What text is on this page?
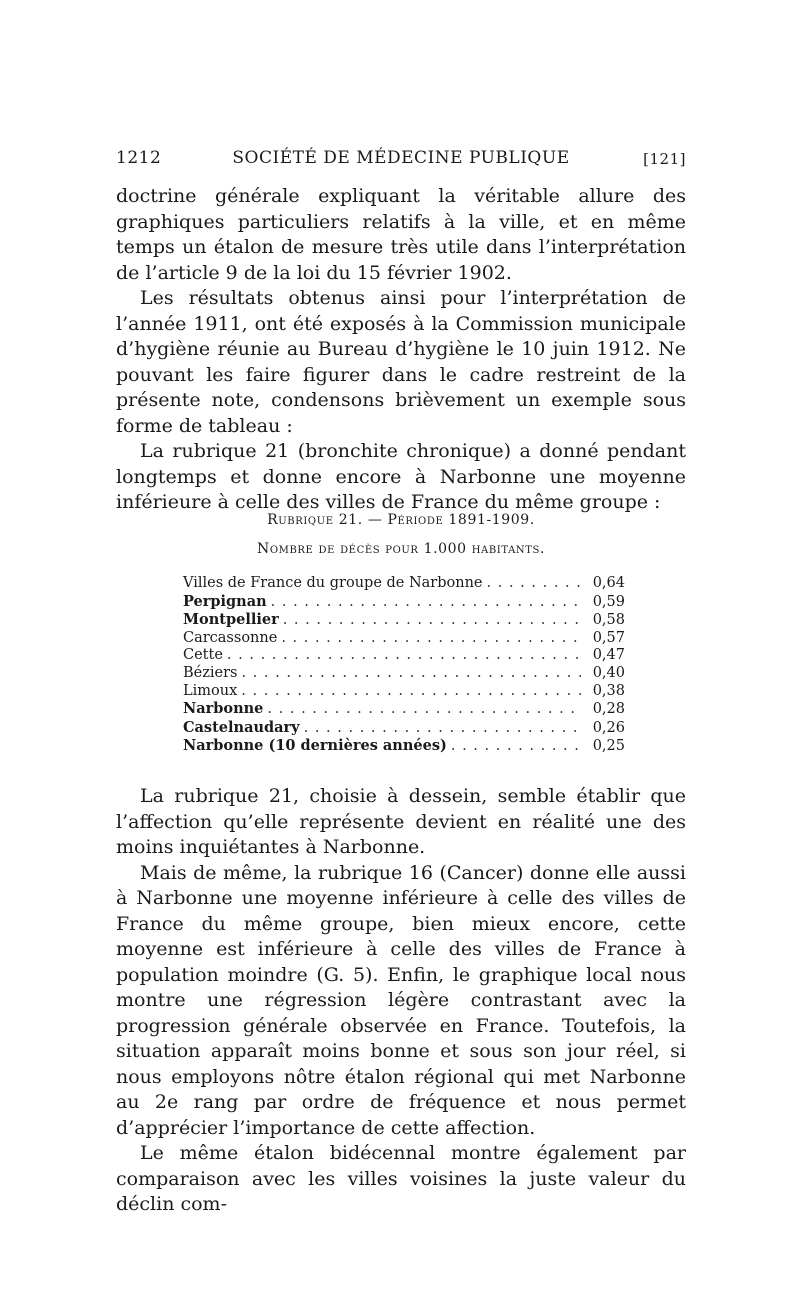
1212	SOCIÉTÉ DE MÉDECINE PUBLIQUE	[121]

doctrine générale expliquant la véritable allure des graphiques particuliers relatifs à la ville, et en même temps un étalon de mesure très utile dans l’interprétation de l’article 9 de la loi du 15 février 1902.

Les résultats obtenus ainsi pour l’interprétation de l’année 1911, ont été exposés à la Commission municipale d’hygiène réunie au Bureau d’hygiène le 10 juin 1912. Ne pouvant les faire figurer dans le cadre restreint de la présente note, condensons brièvement un exemple sous forme de tableau :

La rubrique 21 (bronchite chronique) a donné pendant longtemps et donne encore à Narbonne une moyenne inférieure à celle des villes de France du même groupe :

Rubrique 21. — Période 1891-1909.
Nombre de décès pour 1.000 habitants.
Villes de France du groupe de Narbonne . . .	0,64
Perpignan . . .	0,59
Montpellier . . .	0,58
Carcassonne . . .	0,57
Cette . . .	0,47
Béziers . . .	0,40
Limoux . . .	0,38
Narbonne . . .	0,28
Castelnaudary . . .	0,26
Narbonne (10 dernières années) . . .	0,25

La rubrique 21, choisie à dessein, semble établir que l’affection qu’elle représente devient en réalité une des moins inquiétantes à Narbonne.

Mais de même, la rubrique 16 (Cancer) donne elle aussi à Narbonne une moyenne inférieure à celle des villes de France du même groupe, bien mieux encore, cette moyenne est inférieure à celle des villes de France à population moindre (G. 5). Enfin, le graphique local nous montre une régression légère contrastant avec la progression générale observée en France. Toutefois, la situation apparaît moins bonne et sous son jour réel, si nous employons nôtre étalon régional qui met Narbonne au 2e rang par ordre de fréquence et nous permet d’apprécier l’importance de cette affection.

Le même étalon bidécennal montre également par comparaison avec les villes voisines la juste valeur du déclin com-
